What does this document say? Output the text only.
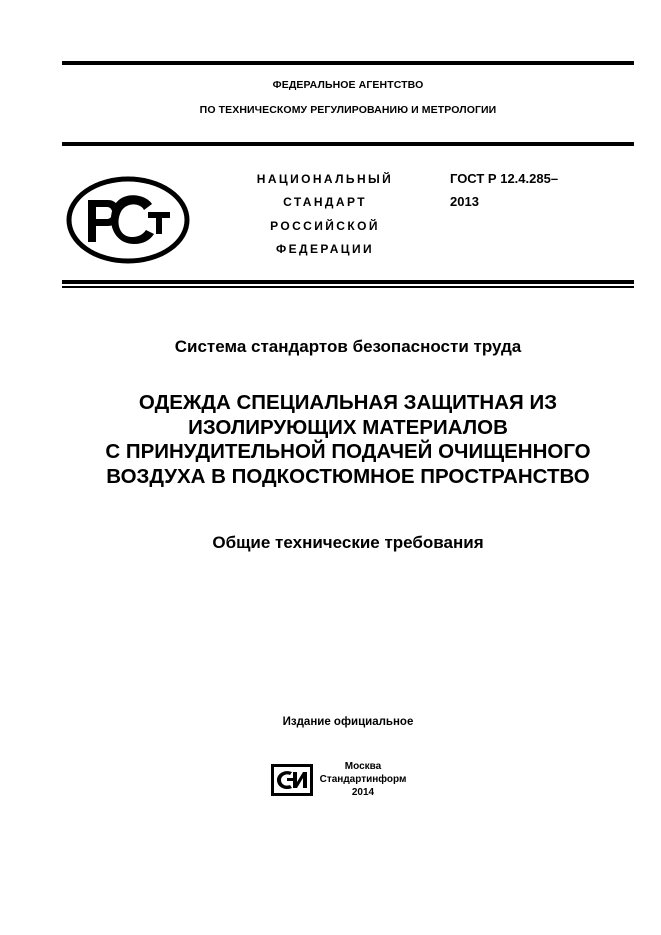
ФЕДЕРАЛЬНОЕ АГЕНТСТВО
ПО ТЕХНИЧЕСКОМУ РЕГУЛИРОВАНИЮ И МЕТРОЛОГИИ
НАЦИОНАЛЬНЫЙ
СТАНДАРТ
РОССИЙСКОЙ
ФЕДЕРАЦИИ
ГОСТ Р 12.4.285–
2013
Система стандартов безопасности труда
ОДЕЖДА СПЕЦИАЛЬНАЯ ЗАЩИТНАЯ ИЗ
ИЗОЛИРУЮЩИХ МАТЕРИАЛОВ
С ПРИНУДИТЕЛЬНОЙ ПОДАЧЕЙ ОЧИЩЕННОГО
ВОЗДУХА В ПОДКОСТЮМНОЕ ПРОСТРАНСТВО
Общие технические требования
Издание официальное
Москва
Стандартинформ
2014
